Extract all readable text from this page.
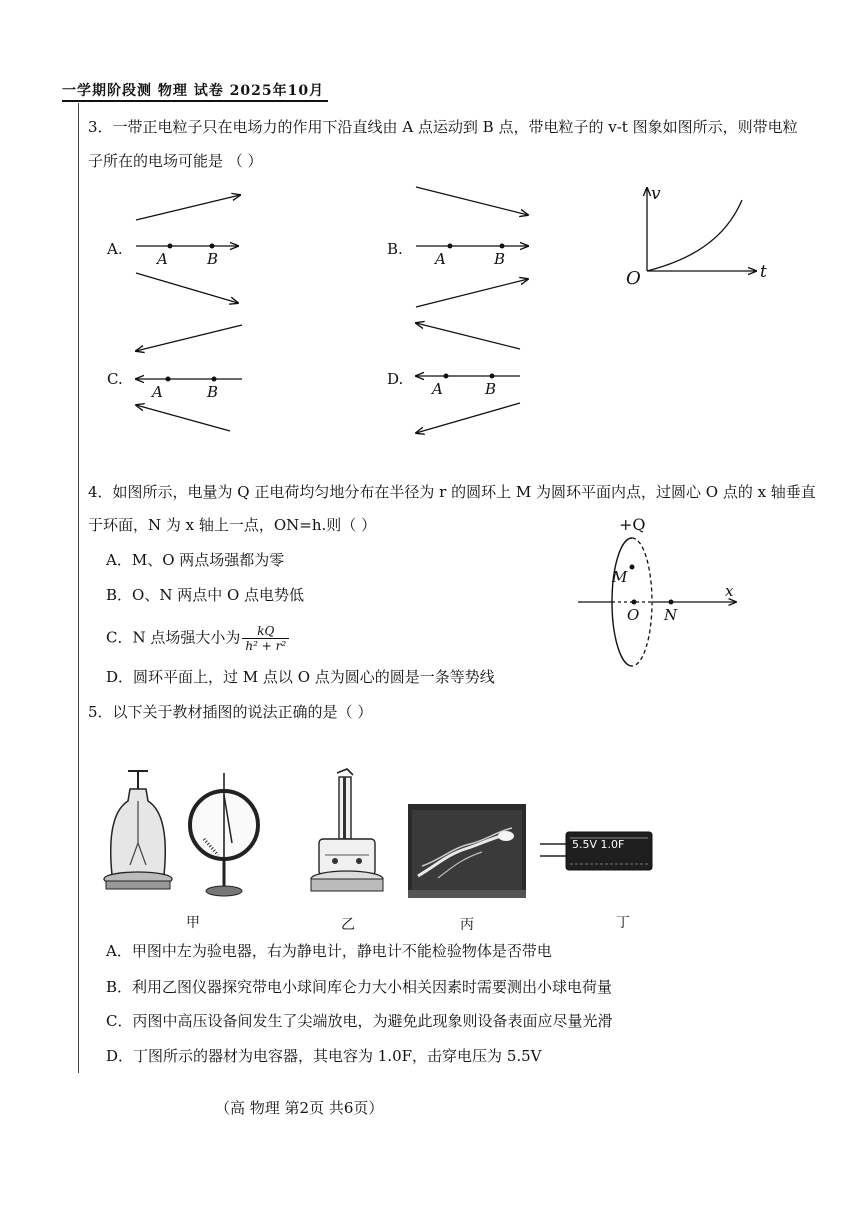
一学期阶段测 物理 试卷 2025年10月
3．一带正电粒子只在电场力的作用下沿直线由 A 点运动到 B 点，带电粒子的 v-t 图象如图所示，则带电粒
子所在的电场可能是 （ ）
A.
A	B
B.
A	B
C.
A	B
D.
A	B
v
t
O
4．如图所示，电量为 Q 正电荷均匀地分布在半径为 r 的圆环上 M 为圆环平面内点，过圆心 O 点的 x 轴垂直
于环面，N 为 x 轴上一点，ON=h.则（ ）
A．M、O 两点场强都为零
B．O、N 两点中 O 点电势低
C．N 点场强大小为 $\frac{kQ}{\text{h² + r²}}$
D．圆环平面上，过 M 点以 O 点为圆心的圆是一条等势线
+Q
M
O N
x
5．以下关于教材插图的说法正确的是（ ）
5.5V 1.0F
甲	乙	丙	丁
A．甲图中左为验电器，右为静电计，静电计不能检验物体是否带电
B．利用乙图仪器探究带电小球间库仑力大小相关因素时需要测出小球电荷量
C．丙图中高压设备间发生了尖端放电，为避免此现象则设备表面应尽量光滑
D．丁图所示的器材为电容器，其电容为 1.0F，击穿电压为 5.5V
（高 物理 第2页 共6页）
